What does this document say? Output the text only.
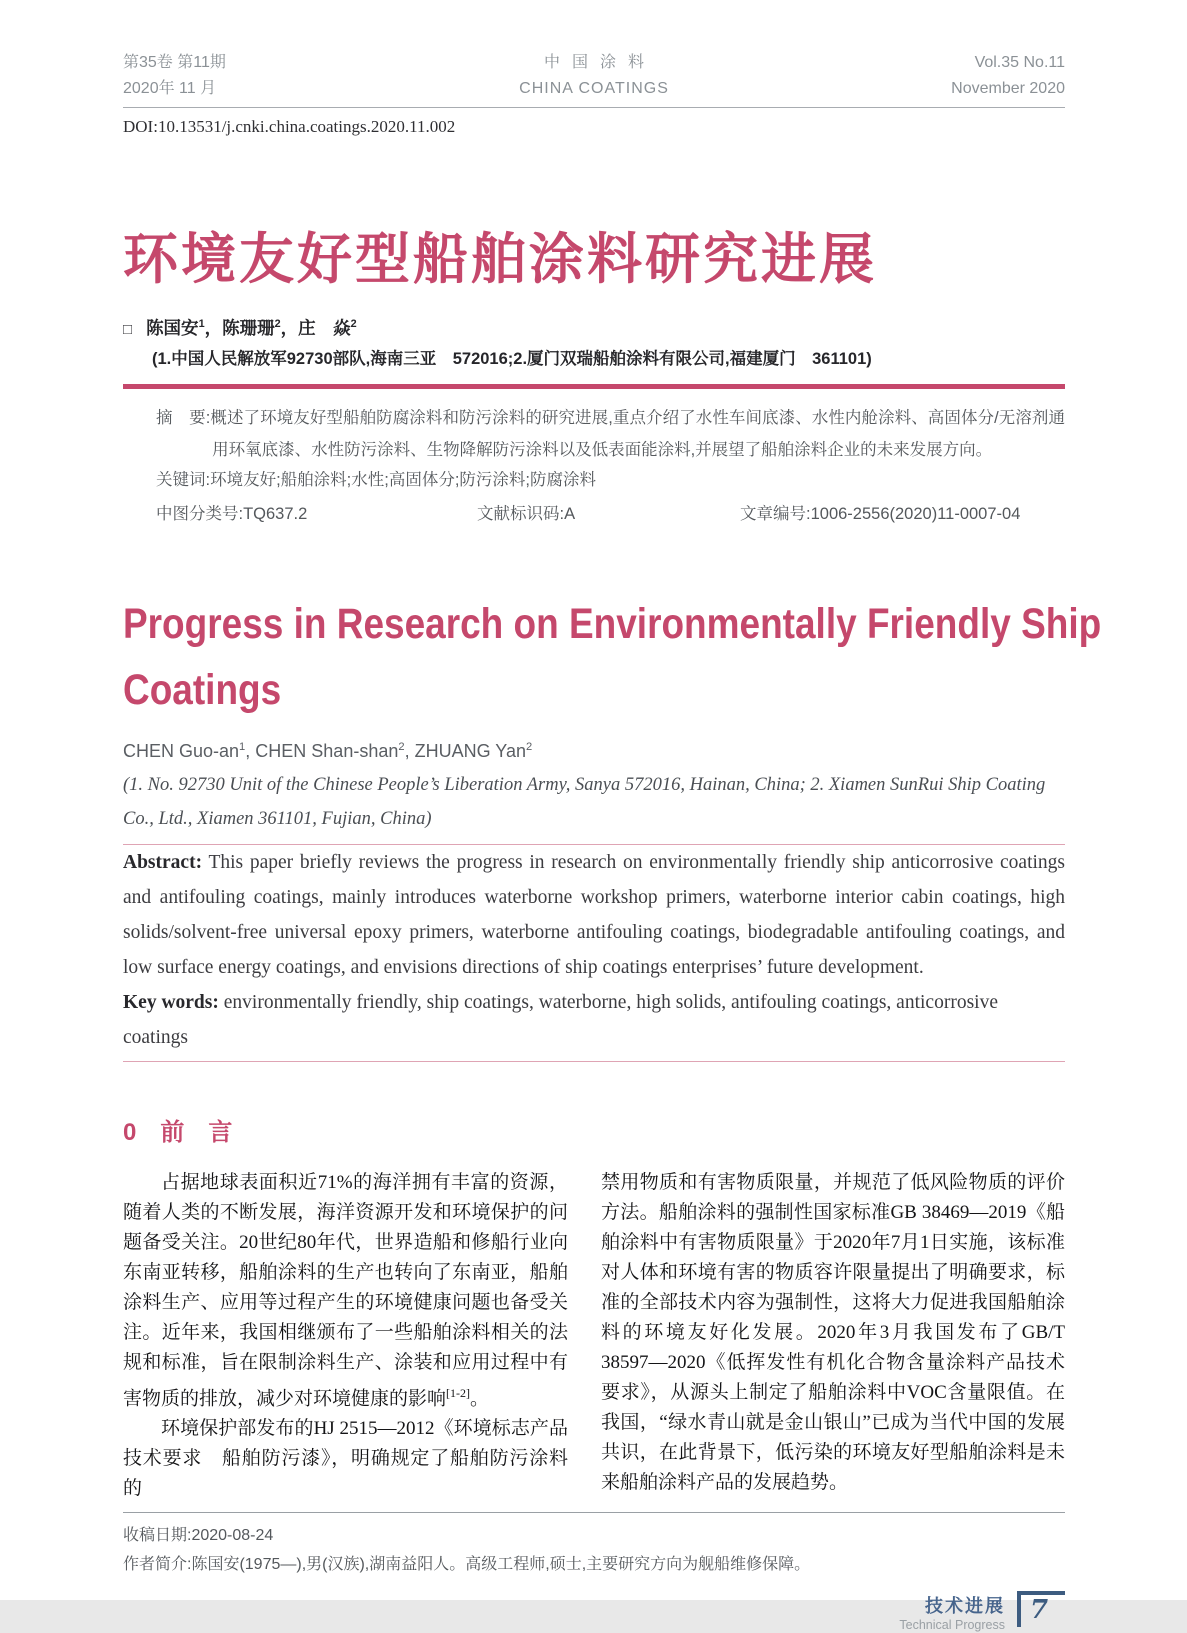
第35卷 第11期
2020年 11 月
中国涂料
CHINA COATINGS
Vol.35 No.11
November 2020
DOI:10.13531/j.cnki.china.coatings.2020.11.002
环境友好型船舶涂料研究进展
□ 陈国安$^1$，陈珊珊$^2$，庄　焱$^2$
(1.中国人民解放军92730部队,海南三亚　572016;2.厦门双瑞船舶涂料有限公司,福建厦门　361101)

摘　要:概述了环境友好型船舶防腐涂料和防污涂料的研究进展,重点介绍了水性车间底漆、水性内舱涂料、高固体分/无溶剂通用环氧底漆、水性防污涂料、生物降解防污涂料以及低表面能涂料,并展望了船舶涂料企业的未来发展方向。

关键词:环境友好;船舶涂料;水性;高固体分;防污涂料;防腐涂料

中图分类号:TQ637.2	文献标识码:A	文章编号:1006-2556(2020)11-0007-04
Progress in Research on Environmentally Friendly Ship
Coatings
CHEN Guo-$an^1$, CHEN Shan-shan$^2$, ZHUANG Yan$^2$
(1. No. 92730 Unit of the Chinese People’s Liberation Army, Sanya 572016, Hainan, China; 2. Xiamen SunRui Ship Coating Co., Ltd., Xiamen 361101, Fujian, China)

Abstract: This paper briefly reviews the progress in research on environmentally friendly ship anticorrosive coatings and antifouling coatings, mainly introduces waterborne workshop primers, waterborne interior cabin coatings, high solids/solvent-free universal epoxy primers, waterborne antifouling coatings, biodegradable antifouling coatings, and low surface energy coatings, and envisions directions of ship coatings enterprises’ future development.

Key words: environmentally friendly, ship coatings, waterborne, high solids, antifouling coatings, anticorrosive coatings

0　前　言

占据地球表面积近71%的海洋拥有丰富的资源，随着人类的不断发展，海洋资源开发和环境保护的问题备受关注。20世纪80年代，世界造船和修船行业向东南亚转移，船舶涂料的生产也转向了东南亚，船舶涂料生产、应用等过程产生的环境健康问题也备受关注。近年来，我国相继颁布了一些船舶涂料相关的法规和标准，旨在限制涂料生产、涂装和应用过程中有害物质的排放，减少对环境健康的影响[1-2]。

环境保护部发布的HJ 2515—2012《环境标志产品技术要求　船舶防污漆》，明确规定了船舶防污涂料的

禁用物质和有害物质限量，并规范了低风险物质的评价方法。船舶涂料的强制性国家标准GB 38469—2019《船舶涂料中有害物质限量》于2020年7月1日实施，该标准对人体和环境有害的物质容许限量提出了明确要求，标准的全部技术内容为强制性，这将大力促进我国船舶涂料的环境友好化发展。2020年3月我国发布了GB/T 38597—2020《低挥发性有机化合物含量涂料产品技术要求》，从源头上制定了船舶涂料中VOC含量限值。在我国，“绿水青山就是金山银山”已成为当代中国的发展共识，在此背景下，低污染的环境友好型船舶涂料是未来船舶涂料产品的发展趋势。

收稿日期:2020-08-24
作者简介:陈国安(1975—),男(汉族),湖南益阳人。高级工程师,硕士,主要研究方向为舰船维修保障。
技术进展
Technical Progress 7
